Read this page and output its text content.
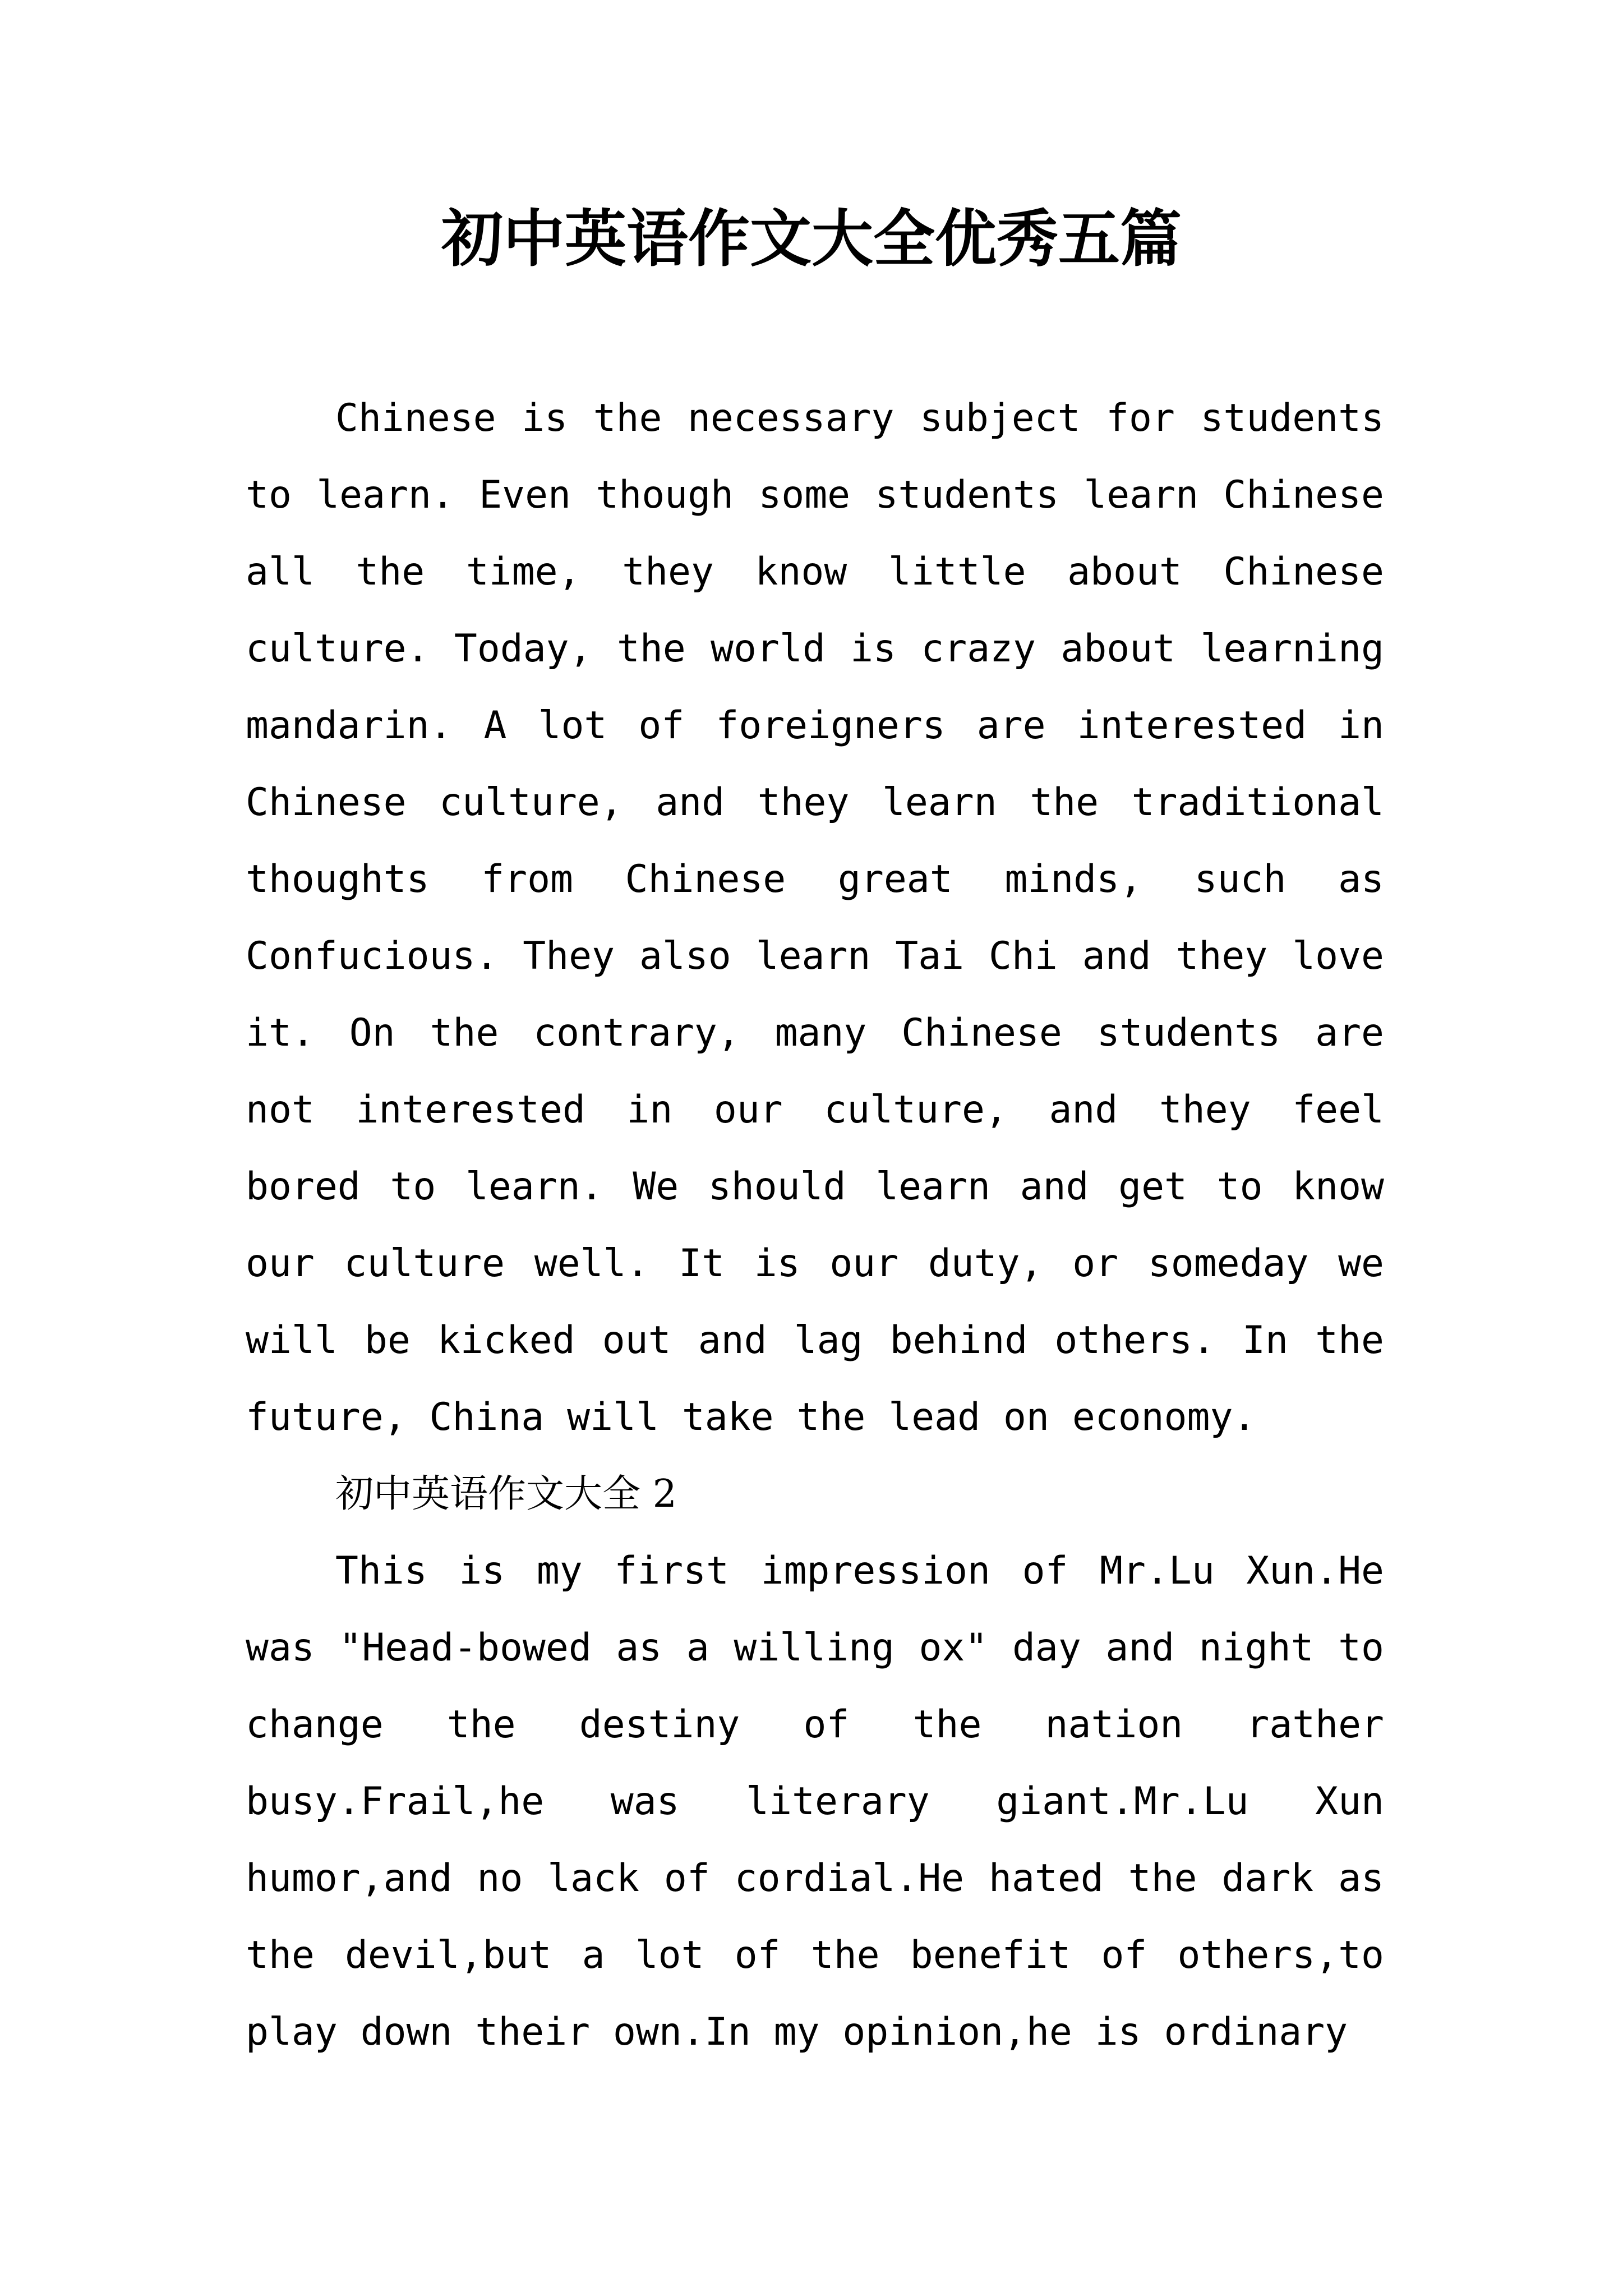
初中英语作文大全优秀五篇

Chinese is the necessary subject for students to learn. Even though some students learn Chinese all the time, they know little about Chinese culture. Today, the world is crazy about learning mandarin. A lot of foreigners are interested in Chinese culture, and they learn the traditional thoughts from Chinese great minds, such as Confucious. They also learn Tai Chi and they love it. On the contrary, many Chinese students are not interested in our culture, and they feel bored to learn. We should learn and get to know our culture well. It is our duty, or someday we will be kicked out and lag behind others. In the future, China will take the lead on economy.

初中英语作文大全 2

This is my first impression of Mr.Lu Xun.He was "Head-bowed as a willing ox" day and night to change the destiny of the nation rather busy.Frail,he was literary giant.Mr.Lu Xun humor,and no lack of cordial.He hated the dark as the devil,but a lot of the benefit of others,to play down their own.In my opinion,he is ordinary
